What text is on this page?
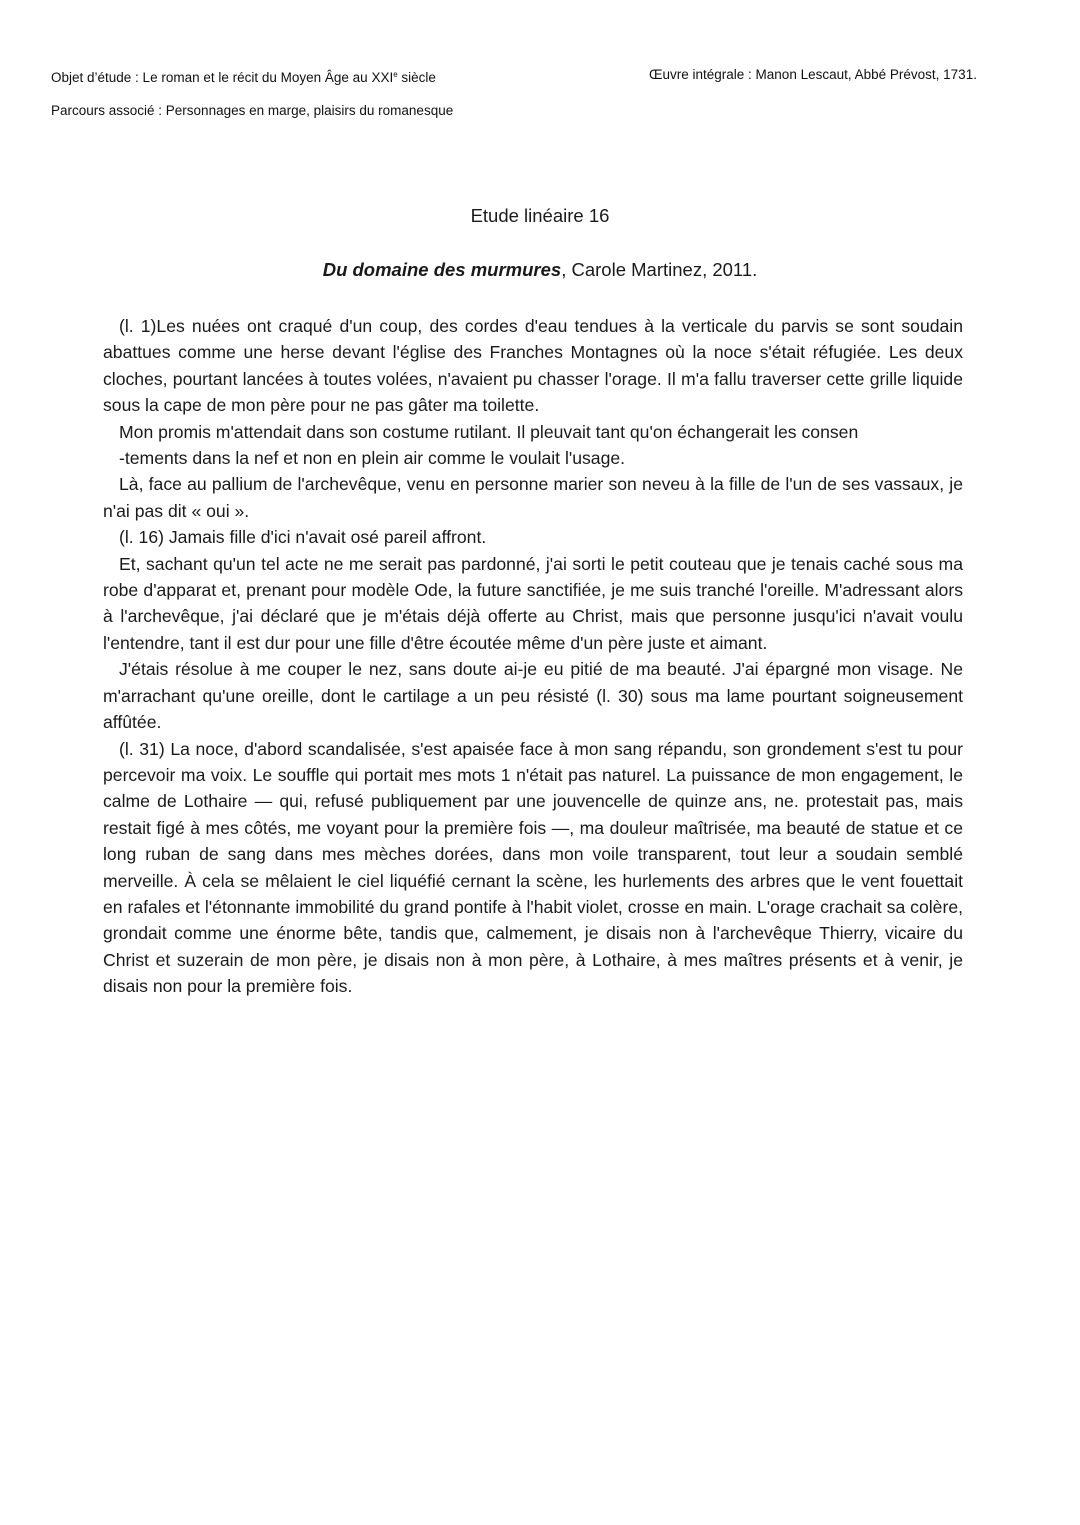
Objet d’étude : Le roman et le récit du Moyen Âge au XXIe siècle	Œuvre intégrale : Manon Lescaut, Abbé Prévost, 1731.
Parcours associé : Personnages en marge, plaisirs du romanesque
Etude linéaire 16
Du domaine des murmures, Carole Martinez, 2011.

(l. 1)Les nuées ont craqué d'un coup, des cordes d'eau tendues à la verticale du parvis se sont soudain abattues comme une herse devant l'église des Franches Montagnes où la noce s'était réfugiée. Les deux cloches, pourtant lancées à toutes volées, n'avaient pu chasser l'orage. Il m'a fallu traverser cette grille liquide sous la cape de mon père pour ne pas gâter ma toilette.

Mon promis m'attendait dans son costume rutilant. Il pleuvait tant qu'on échangerait les consen

-tements dans la nef et non en plein air comme le voulait l'usage.

Là, face au pallium de l'archevêque, venu en personne marier son neveu à la fille de l'un de ses vassaux, je n'ai pas dit « oui ».

(l. 16) Jamais fille d'ici n'avait osé pareil affront.

Et, sachant qu'un tel acte ne me serait pas pardonné, j'ai sorti le petit couteau que je tenais caché sous ma robe d'apparat et, prenant pour modèle Ode, la future sanctifiée, je me suis tranché l'oreille. M'adressant alors à l'archevêque, j'ai déclaré que je m'étais déjà offerte au Christ, mais que personne jusqu'ici n'avait voulu l'entendre, tant il est dur pour une fille d'être écoutée même d'un père juste et aimant.

J'étais résolue à me couper le nez, sans doute ai-je eu pitié de ma beauté. J'ai épargné mon visage. Ne m'arrachant qu'une oreille, dont le cartilage a un peu résisté (l. 30) sous ma lame pourtant soigneusement affûtée.

(l. 31) La noce, d'abord scandalisée, s'est apaisée face à mon sang répandu, son grondement s'est tu pour percevoir ma voix. Le souffle qui portait mes mots 1 n'était pas naturel. La puissance de mon engagement, le calme de Lothaire — qui, refusé publiquement par une jouvencelle de quinze ans, ne. protestait pas, mais restait figé à mes côtés, me voyant pour la première fois —, ma douleur maîtrisée, ma beauté de statue et ce long ruban de sang dans mes mèches dorées, dans mon voile transparent, tout leur a soudain semblé merveille. À cela se mêlaient le ciel liquéfié cernant la scène, les hurlements des arbres que le vent fouettait en rafales et l'étonnante immobilité du grand pontife à l'habit violet, crosse en main. L'orage crachait sa colère, grondait comme une énorme bête, tandis que, calmement, je disais non à l'archevêque Thierry, vicaire du Christ et suzerain de mon père, je disais non à mon père, à Lothaire, à mes maîtres présents et à venir, je disais non pour la première fois.
